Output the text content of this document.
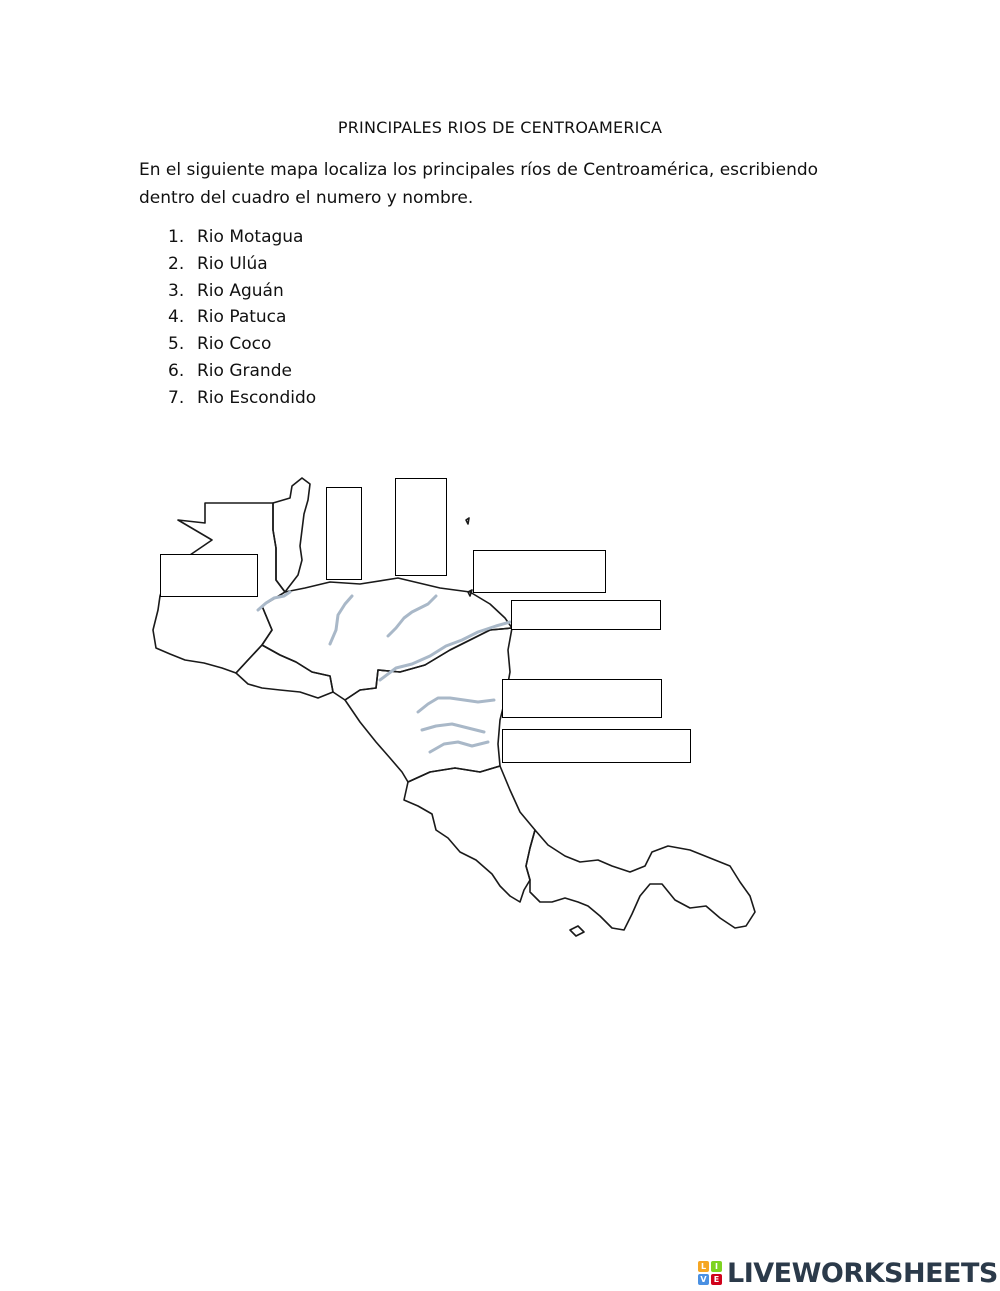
PRINCIPALES RIOS DE CENTROAMERICA
En el siguiente mapa localiza los principales ríos de Centroamérica, escribiendo dentro del cuadro el numero y nombre.
1. Rio Motagua
2. Rio Ulúa
3. Rio Aguán
4. Rio Patuca
5. Rio Coco
6. Rio Grande
7. Rio Escondido
L	I
V E LIVEWORKSHEETS
